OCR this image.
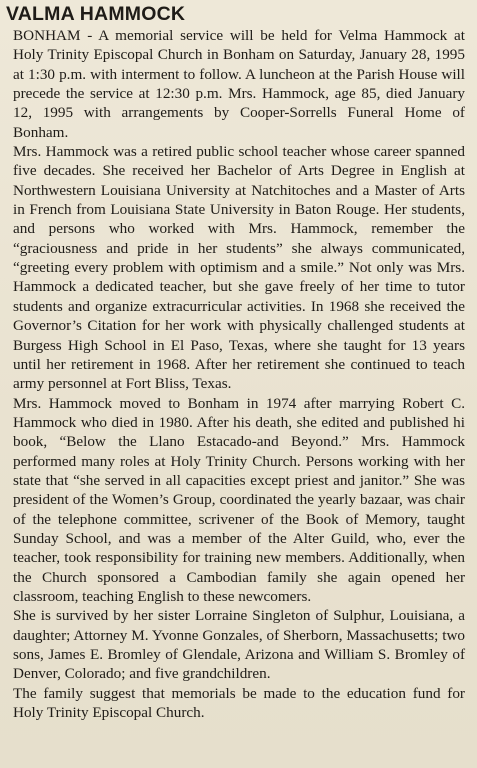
VALMA HAMMOCK

BONHAM - A memorial service will be held for Velma Hammock at Holy Trinity Episcopal Church in Bonham on Saturday, January 28, 1995 at 1:30 p.m. with interment to follow. A luncheon at the Parish House will precede the service at 12:30 p.m. Mrs. Hammock, age 85, died January 12, 1995 with arrangements by Cooper-Sorrells Funeral Home of Bonham.

Mrs. Hammock was a retired public school teacher whose career spanned five decades. She received her Bachelor of Arts Degree in English at Northwestern Louisiana University at Natchitoches and a Master of Arts in French from Louisiana State University in Baton Rouge. Her students, and persons who worked with Mrs. Hammock, remember the “graciousness and pride in her students” she always communicated, “greeting every problem with optimism and a smile.” Not only was Mrs. Hammock a dedicated teacher, but she gave freely of her time to tutor students and organize extracurricular activities. In 1968 she received the Governor’s Citation for her work with physically challenged students at Burgess High School in El Paso, Texas, where she taught for 13 years until her retirement in 1968. After her retirement she continued to teach army personnel at Fort Bliss, Texas.

Mrs. Hammock moved to Bonham in 1974 after marrying Robert C. Hammock who died in 1980. After his death, she edited and published hi book, “Below the Llano Estacado-and Beyond.” Mrs. Hammock performed many roles at Holy Trinity Church. Persons working with her state that “she served in all capacities except priest and janitor.” She was president of the Women’s Group, coordinated the yearly bazaar, was chair of the telephone committee, scrivener of the Book of Memory, taught Sunday School, and was a member of the Alter Guild, who, ever the teacher, took responsibility for training new members. Additionally, when the Church sponsored a Cambodian family she again opened her classroom, teaching English to these newcomers.

She is survived by her sister Lorraine Singleton of Sulphur, Louisiana, a daughter; Attorney M. Yvonne Gonzales, of Sherborn, Massachusetts; two sons, James E. Bromley of Glendale, Arizona and William S. Bromley of Denver, Colorado; and five grandchildren.

The family suggest that memorials be made to the education fund for Holy Trinity Episcopal Church.
